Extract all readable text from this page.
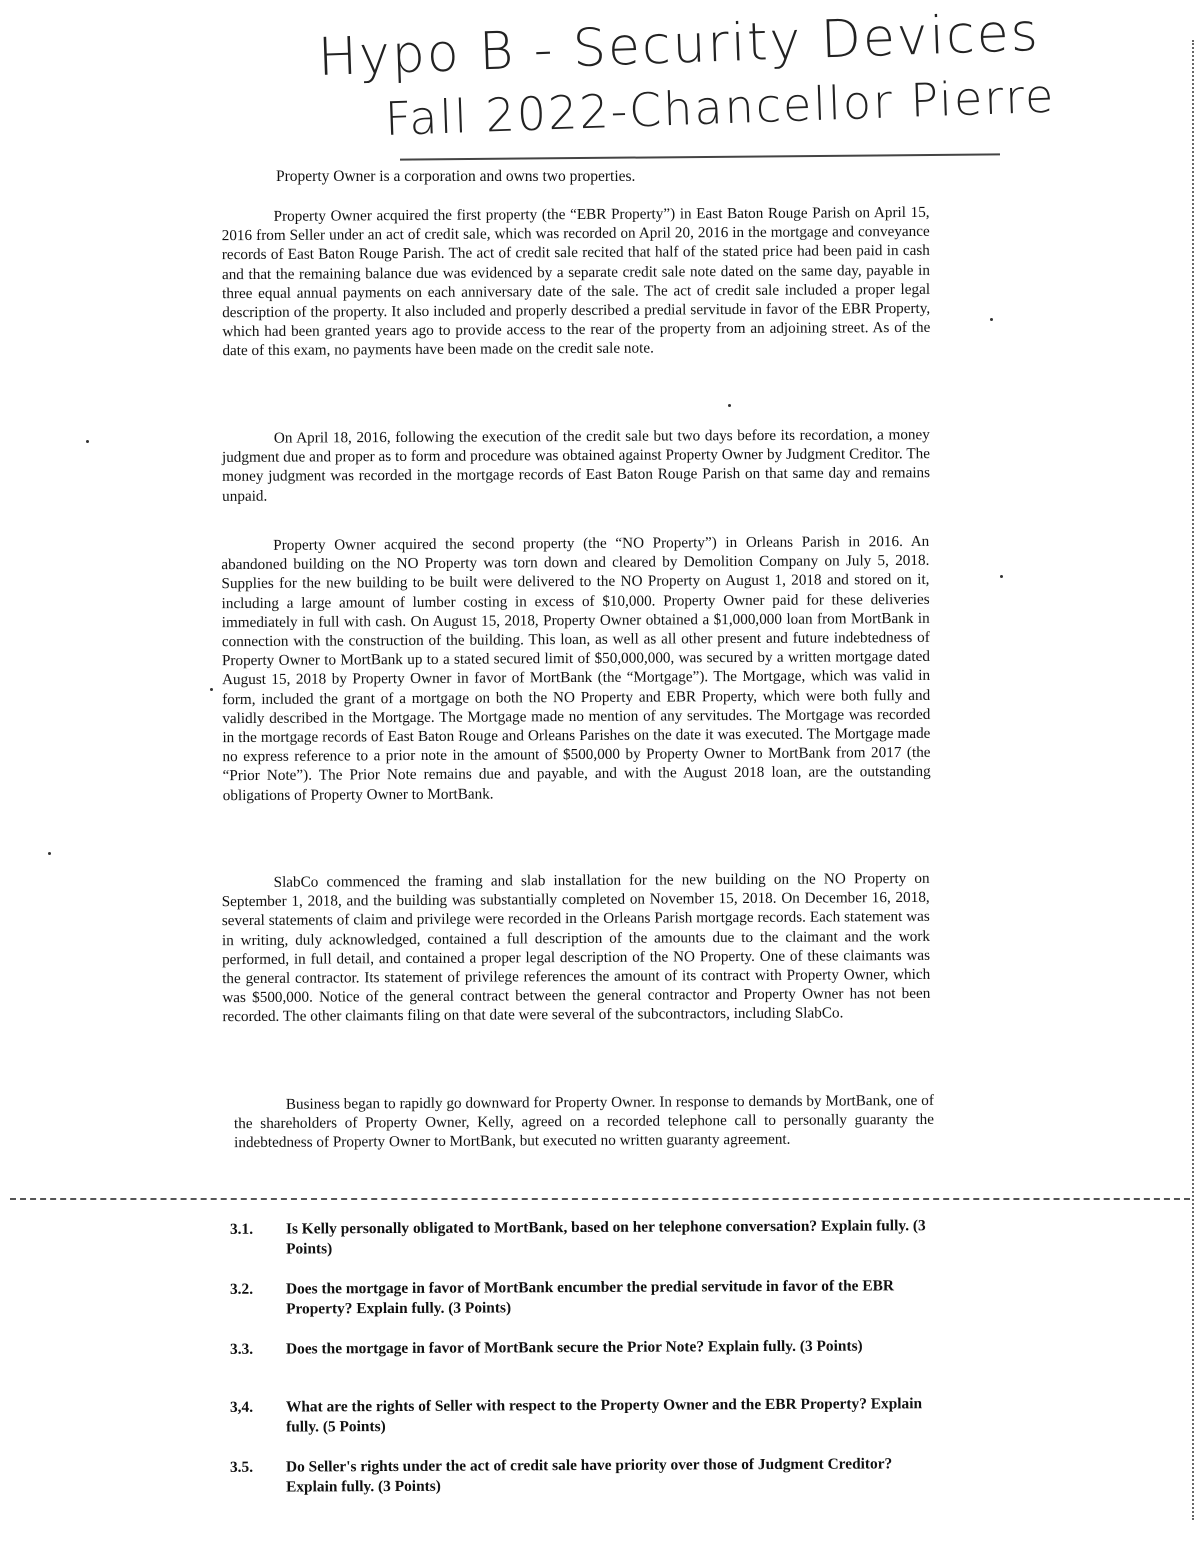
Hypo B - Security Devices
Fall 2022-Chancellor Pierre
Property Owner is a corporation and owns two properties.

Property Owner acquired the first property (the “EBR Property”) in East Baton Rouge Parish on April 15, 2016 from Seller under an act of credit sale, which was recorded on April 20, 2016 in the mortgage and conveyance records of East Baton Rouge Parish. The act of credit sale recited that half of the stated price had been paid in cash and that the remaining balance due was evidenced by a separate credit sale note dated on the same day, payable in three equal annual payments on each anniversary date of the sale. The act of credit sale included a proper legal description of the property. It also included and properly described a predial servitude in favor of the EBR Property, which had been granted years ago to provide access to the rear of the property from an adjoining street. As of the date of this exam, no payments have been made on the credit sale note.

On April 18, 2016, following the execution of the credit sale but two days before its recordation, a money judgment due and proper as to form and procedure was obtained against Property Owner by Judgment Creditor. The money judgment was recorded in the mortgage records of East Baton Rouge Parish on that same day and remains unpaid.

Property Owner acquired the second property (the “NO Property”) in Orleans Parish in 2016. An abandoned building on the NO Property was torn down and cleared by Demolition Company on July 5, 2018. Supplies for the new building to be built were delivered to the NO Property on August 1, 2018 and stored on it, including a large amount of lumber costing in excess of $10,000. Property Owner paid for these deliveries immediately in full with cash. On August 15, 2018, Property Owner obtained a $1,000,000 loan from MortBank in connection with the construction of the building. This loan, as well as all other present and future indebtedness of Property Owner to MortBank up to a stated secured limit of $50,000,000, was secured by a written mortgage dated August 15, 2018 by Property Owner in favor of MortBank (the “Mortgage”). The Mortgage, which was valid in form, included the grant of a mortgage on both the NO Property and EBR Property, which were both fully and validly described in the Mortgage. The Mortgage made no mention of any servitudes. The Mortgage was recorded in the mortgage records of East Baton Rouge and Orleans Parishes on the date it was executed. The Mortgage made no express reference to a prior note in the amount of $500,000 by Property Owner to MortBank from 2017 (the “Prior Note”). The Prior Note remains due and payable, and with the August 2018 loan, are the outstanding obligations of Property Owner to MortBank.

SlabCo commenced the framing and slab installation for the new building on the NO Property on September 1, 2018, and the building was substantially completed on November 15, 2018. On December 16, 2018, several statements of claim and privilege were recorded in the Orleans Parish mortgage records. Each statement was in writing, duly acknowledged, contained a full description of the amounts due to the claimant and the work performed, in full detail, and contained a proper legal description of the NO Property. One of these claimants was the general contractor. Its statement of privilege references the amount of its contract with Property Owner, which was $500,000. Notice of the general contract between the general contractor and Property Owner has not been recorded. The other claimants filing on that date were several of the subcontractors, including SlabCo.

Business began to rapidly go downward for Property Owner. In response to demands by MortBank, one of the shareholders of Property Owner, Kelly, agreed on a recorded telephone call to personally guaranty the indebtedness of Property Owner to MortBank, but executed no written guaranty agreement.

3.1. Is Kelly personally obligated to MortBank, based on her telephone conversation? Explain fully. (3 Points)
3.2. Does the mortgage in favor of MortBank encumber the predial servitude in favor of the EBR Property? Explain fully. (3 Points)
3.3. Does the mortgage in favor of MortBank secure the Prior Note? Explain fully. (3 Points)
3,4. What are the rights of Seller with respect to the Property Owner and the EBR Property? Explain fully. (5 Points)
3.5. Do Seller's rights under the act of credit sale have priority over those of Judgment Creditor? Explain fully. (3 Points)
